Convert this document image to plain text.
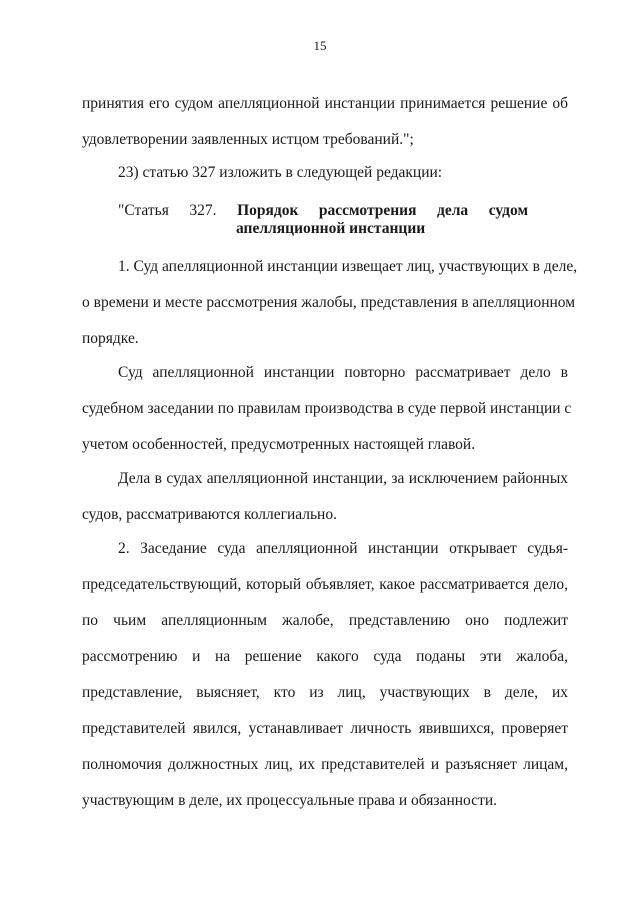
15
принятия его судом апелляционной инстанции принимается решение об
удовлетворении заявленных истцом требований.";
23) статью 327 изложить в следующей редакции:
"Статья 327. Порядок рассмотрения дела судом
апелляционной инстанции
1. Суд апелляционной инстанции извещает лиц, участвующих в деле,
о времени и месте рассмотрения жалобы, представления в апелляционном
порядке.
Суд апелляционной инстанции повторно рассматривает дело в
судебном заседании по правилам производства в суде первой инстанции с
учетом особенностей, предусмотренных настоящей главой.
Дела в судах апелляционной инстанции, за исключением районных
судов, рассматриваются коллегиально.
2. Заседание суда апелляционной инстанции открывает судья-
председательствующий, который объявляет, какое рассматривается дело,
по чьим апелляционным жалобе, представлению оно подлежит
рассмотрению и на решение какого суда поданы эти жалоба,
представление, выясняет, кто из лиц, участвующих в деле, их
представителей явился, устанавливает личность явившихся, проверяет
полномочия должностных лиц, их представителей и разъясняет лицам,
участвующим в деле, их процессуальные права и обязанности.
